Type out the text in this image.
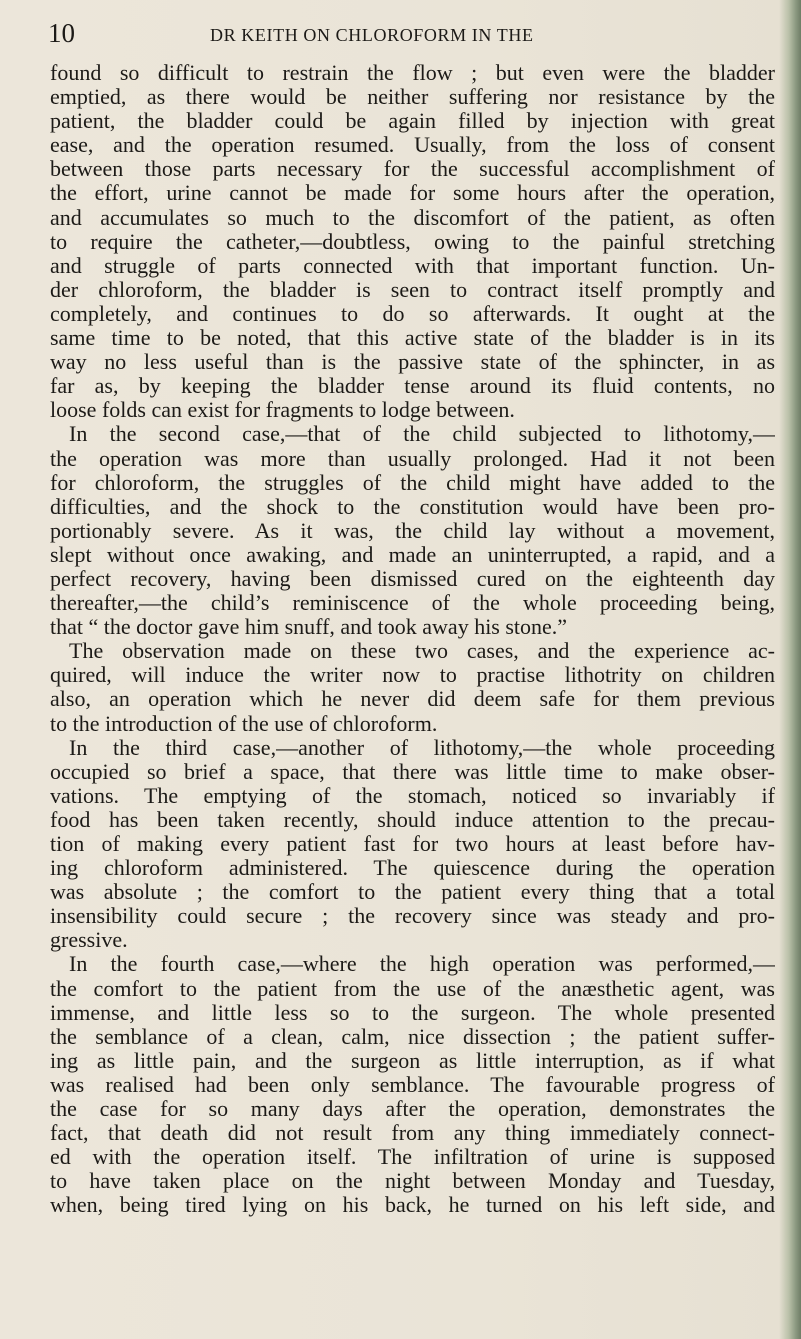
10	DR KEITH ON CHLOROFORM IN THE
found so difficult to restrain the flow ; but even were the bladder
emptied, as there would be neither suffering nor resistance by the
patient, the bladder could be again filled by injection with great
ease, and the operation resumed. Usually, from the loss of consent
between those parts necessary for the successful accomplishment of
the effort, urine cannot be made for some hours after the operation,
and accumulates so much to the discomfort of the patient, as often
to require the catheter,—doubtless, owing to the painful stretching
and struggle of parts connected with that important function. Un-
der chloroform, the bladder is seen to contract itself promptly and
completely, and continues to do so afterwards. It ought at the
same time to be noted, that this active state of the bladder is in its
way no less useful than is the passive state of the sphincter, in as
far as, by keeping the bladder tense around its fluid contents, no
loose folds can exist for fragments to lodge between.
In the second case,—that of the child subjected to lithotomy,—
the operation was more than usually prolonged. Had it not been
for chloroform, the struggles of the child might have added to the
difficulties, and the shock to the constitution would have been pro-
portionably severe. As it was, the child lay without a movement,
slept without once awaking, and made an uninterrupted, a rapid, and a
perfect recovery, having been dismissed cured on the eighteenth day
thereafter,—the child’s reminiscence of the whole proceeding being,
that “ the doctor gave him snuff, and took away his stone.”
The observation made on these two cases, and the experience ac-
quired, will induce the writer now to practise lithotrity on children
also, an operation which he never did deem safe for them previous
to the introduction of the use of chloroform.
In the third case,—another of lithotomy,—the whole proceeding
occupied so brief a space, that there was little time to make obser-
vations. The emptying of the stomach, noticed so invariably if
food has been taken recently, should induce attention to the precau-
tion of making every patient fast for two hours at least before hav-
ing chloroform administered. The quiescence during the operation
was absolute ; the comfort to the patient every thing that a total
insensibility could secure ; the recovery since was steady and pro-
gressive.
In the fourth case,—where the high operation was performed,—
the comfort to the patient from the use of the anæsthetic agent, was
immense, and little less so to the surgeon. The whole presented
the semblance of a clean, calm, nice dissection ; the patient suffer-
ing as little pain, and the surgeon as little interruption, as if what
was realised had been only semblance. The favourable progress of
the case for so many days after the operation, demonstrates the
fact, that death did not result from any thing immediately connect-
ed with the operation itself. The infiltration of urine is supposed
to have taken place on the night between Monday and Tuesday,
when, being tired lying on his back, he turned on his left side, and
